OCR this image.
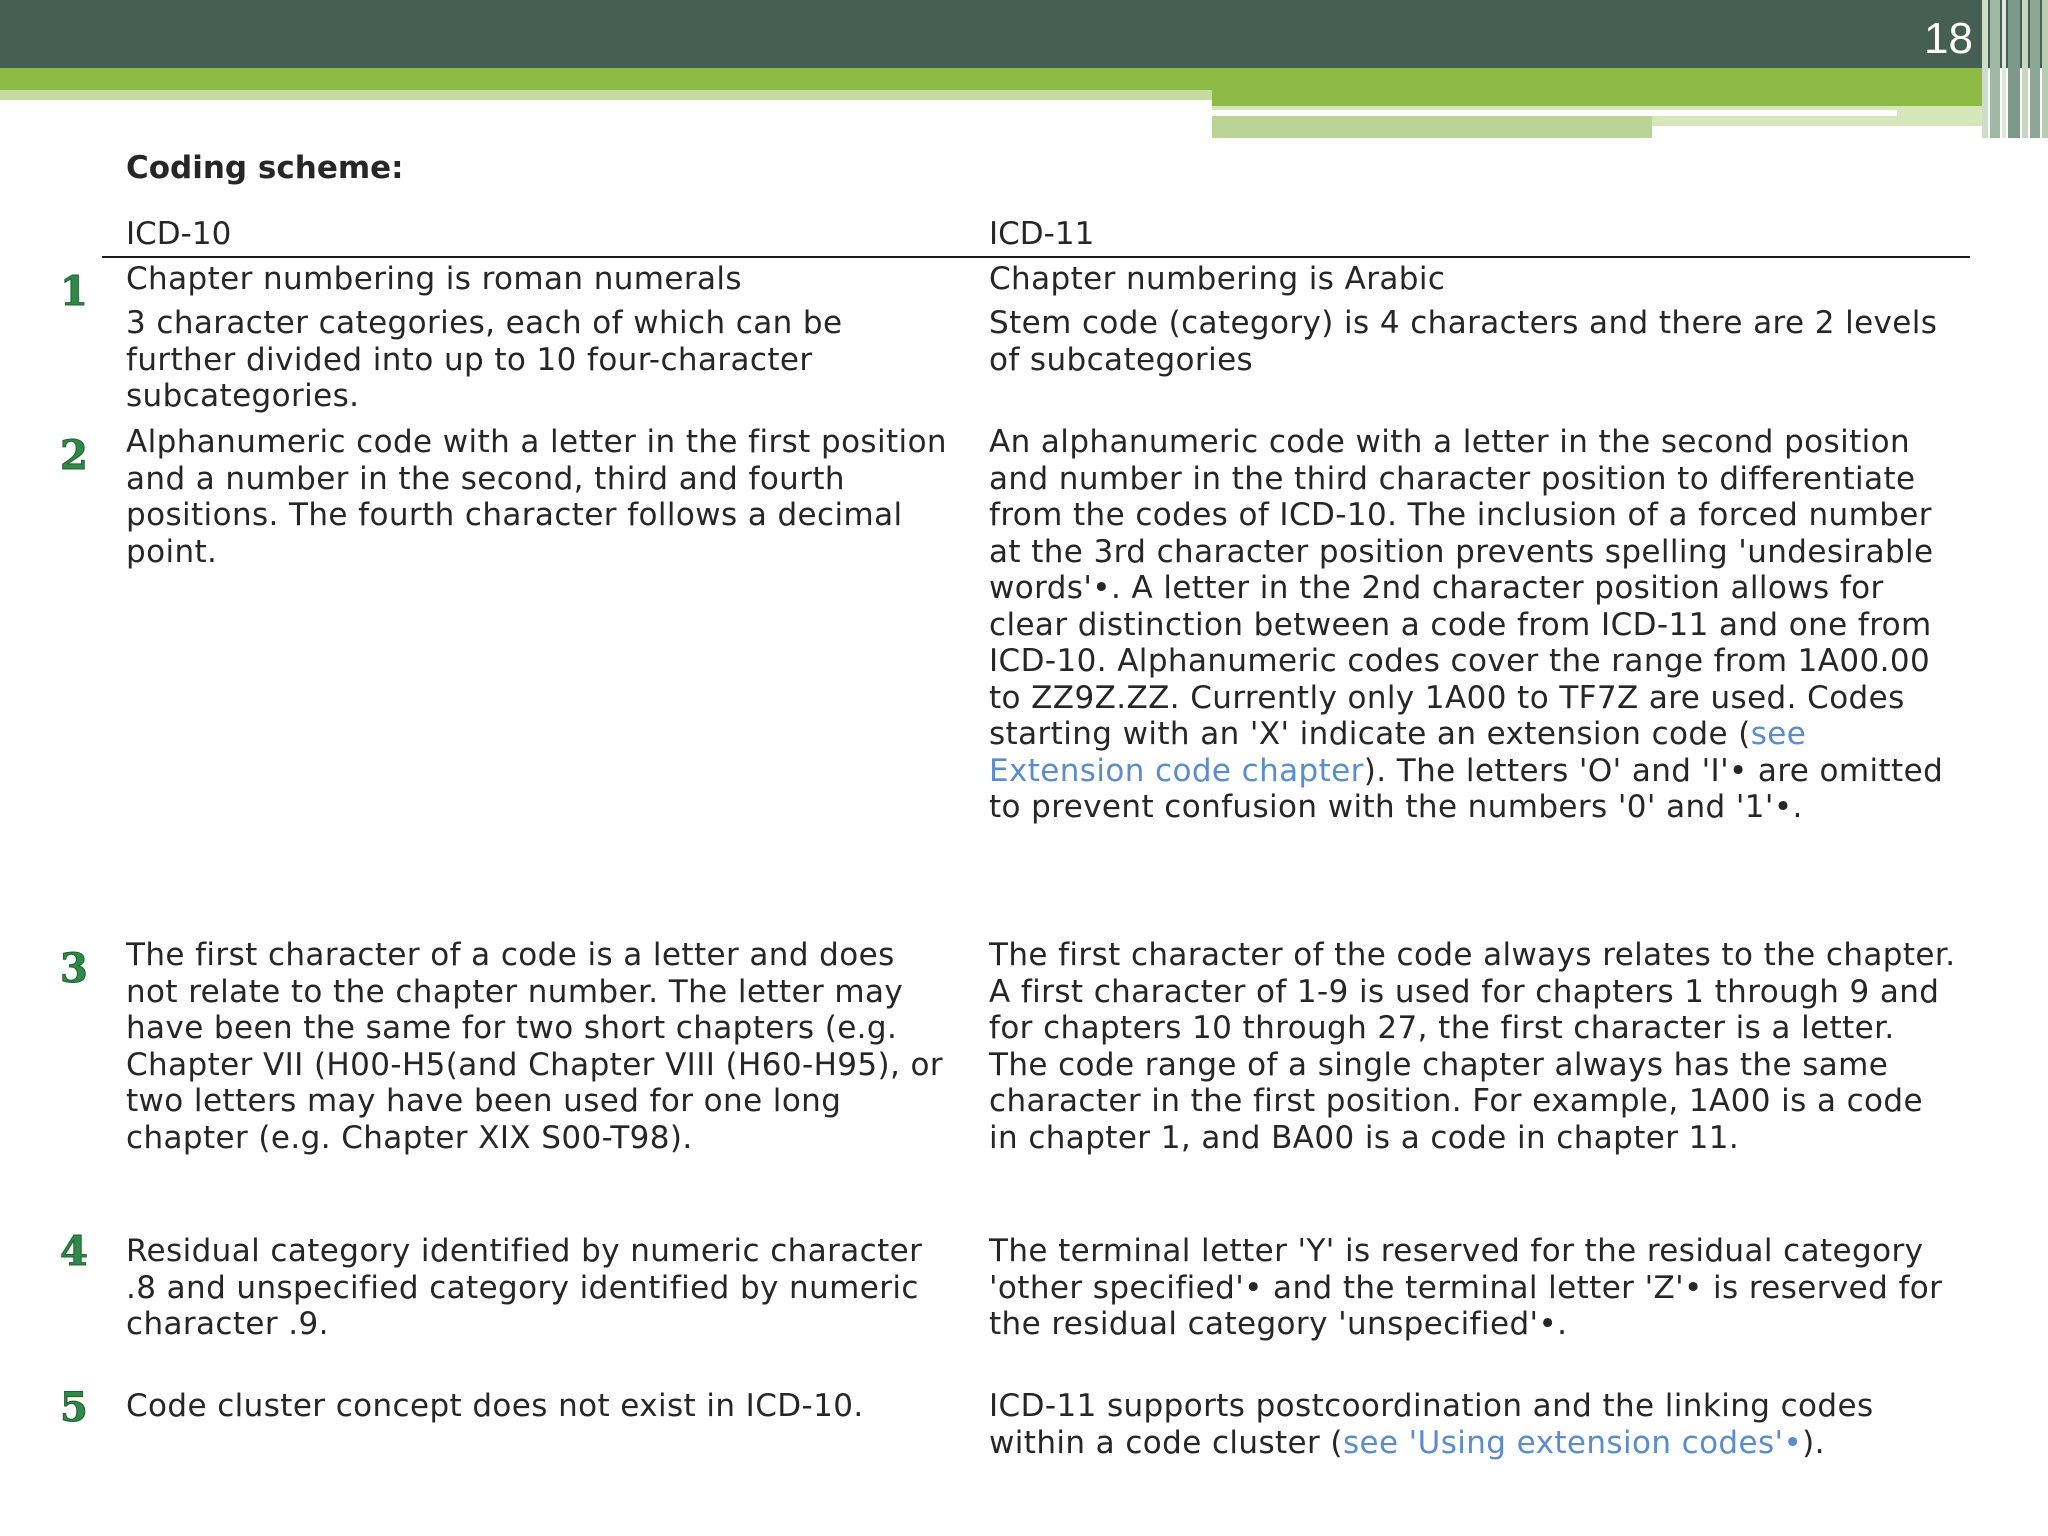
18
Coding scheme:
ICD-10	ICD-11
1 Chapter numbering is roman numerals
3 character categories, each of which can be further divided into up to 10 four-character subcategories.
Chapter numbering is Arabic
Stem code (category) is 4 characters and there are 2 levels of subcategories
2 Alphanumeric code with a letter in the first position and a number in the second, third and fourth positions. The fourth character follows a decimal point.
An alphanumeric code with a letter in the second position and number in the third character position to differentiate from the codes of ICD-10. The inclusion of a forced number at the 3rd character position prevents spelling 'undesirable words'•. A letter in the 2nd character position allows for clear distinction between a code from ICD-11 and one from ICD-10. Alphanumeric codes cover the range from 1A00.00 to ZZ9Z.ZZ. Currently only 1A00 to TF7Z are used. Codes starting with an 'X' indicate an extension code (see Extension code chapter). The letters 'O' and 'I'• are omitted to prevent confusion with the numbers '0' and '1'•.
3 The first character of a code is a letter and does not relate to the chapter number. The letter may have been the same for two short chapters (e.g. Chapter VII (H00-H5(and Chapter VIII (H60-H95), or two letters may have been used for one long chapter (e.g. Chapter XIX S00-T98).
The first character of the code always relates to the chapter. A first character of 1-9 is used for chapters 1 through 9 and for chapters 10 through 27, the first character is a letter. The code range of a single chapter always has the same character in the first position. For example, 1A00 is a code in chapter 1, and BA00 is a code in chapter 11.
4 Residual category identified by numeric character .8 and unspecified category identified by numeric character .9.
The terminal letter 'Y' is reserved for the residual category 'other specified'• and the terminal letter 'Z'• is reserved for the residual category 'unspecified'•.
5 Code cluster concept does not exist in ICD-10.	ICD-11 supports postcoordination and the linking codes within a code cluster (see 'Using extension codes'•).
